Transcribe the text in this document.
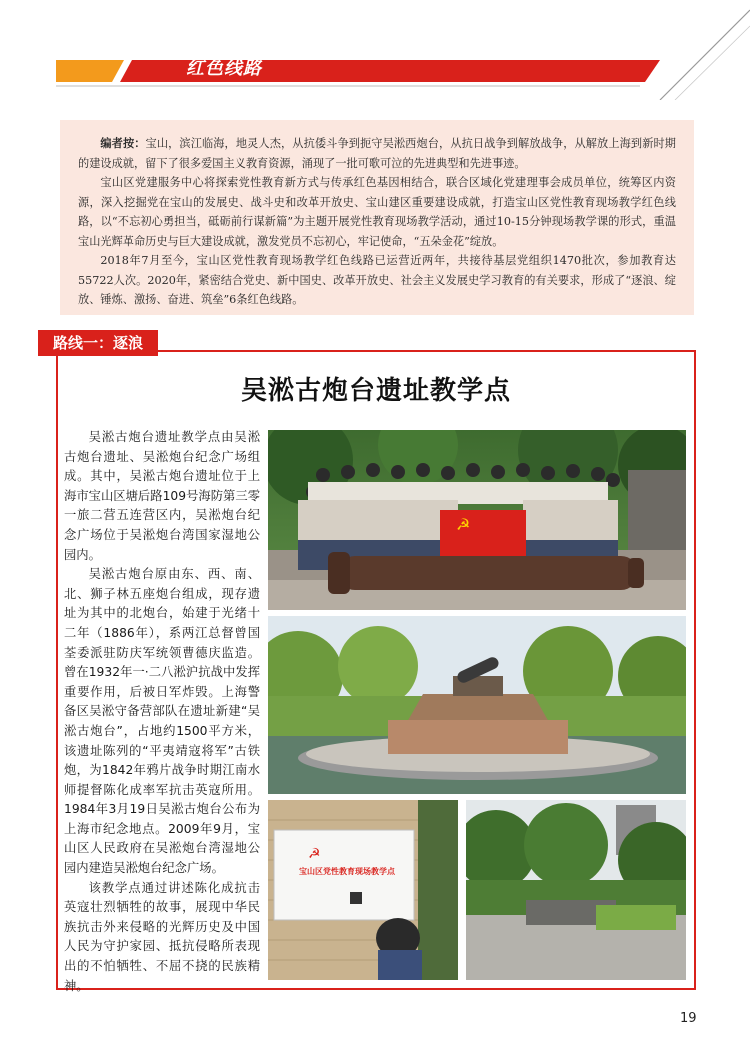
红色线路

编者按：宝山，滨江临海，地灵人杰，从抗倭斗争到扼守吴淞西炮台，从抗日战争到解放战争，从解放上海到新时期的建设成就，留下了很多爱国主义教育资源，涌现了一批可歌可泣的先进典型和先进事迹。

宝山区党建服务中心将探索党性教育新方式与传承红色基因相结合，联合区域化党建理事会成员单位，统筹区内资源，深入挖掘党在宝山的发展史、战斗史和改革开放史、宝山建区重要建设成就，打造宝山区党性教育现场教学红色线路，以“不忘初心勇担当，砥砺前行谋新篇”为主题开展党性教育现场教学活动，通过10-15分钟现场教学课的形式，重温宝山光辉革命历史与巨大建设成就，激发党员不忘初心，牢记使命，“五朵金花”绽放。

2018年7月至今，宝山区党性教育现场教学红色线路已运营近两年，共接待基层党组织1470批次，参加教育达55722人次。2020年，紧密结合党史、新中国史、改革开放史、社会主义发展史学习教育的有关要求，形成了“逐浪、绽放、锤炼、激扬、奋进、筑垒”6条红色线路。

路线一：逐浪
吴淞古炮台遗址教学点

吴淞古炮台遗址教学点由吴淞古炮台遗址、吴淞炮台纪念广场组成。其中，吴淞古炮台遗址位于上海市宝山区塘后路109号海防第三零一旅二营五连营区内，吴淞炮台纪念广场位于吴淞炮台湾国家湿地公园内。

吴淞古炮台原由东、西、南、北、狮子林五座炮台组成，现存遗址为其中的北炮台，始建于光绪十二年（1886年），系两江总督曾国荃委派驻防庆军统领曹德庆监造。曾在1932年一·二八淞沪抗战中发挥重要作用，后被日军炸毁。上海警备区吴淞守备营部队在遗址新建“吴淞古炮台”，占地约1500平方米，该遗址陈列的“平夷靖寇将军”古铁炮，为1842年鸦片战争时期江南水师提督陈化成率军抗击英寇所用。1984年3月19日吴淞古炮台公布为上海市纪念地点。2009年9月，宝山区人民政府在吴淞炮台湾湿地公园内建造吴淞炮台纪念广场。

该教学点通过讲述陈化成抗击英寇壮烈牺牲的故事，展现中华民族抗击外来侵略的光辉历史及中国人民为守护家园、抵抗侵略所表现出的不怕牺牲、不屈不挠的民族精神。

☭
☭
宝山区党性教育现场教学点
19
